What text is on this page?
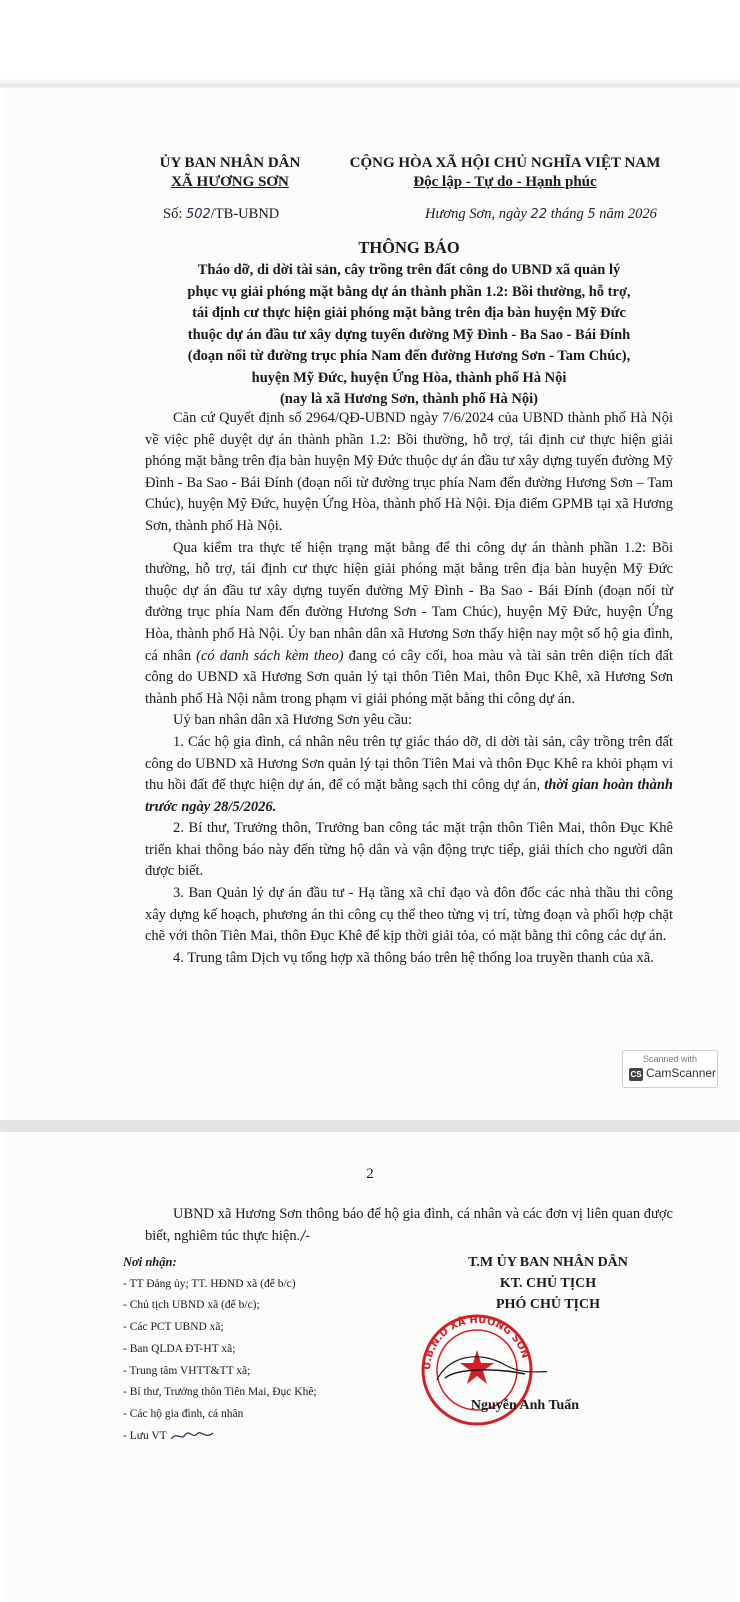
ỦY BAN NHÂN DÂN
XÃ HƯƠNG SƠN
CỘNG HÒA XÃ HỘI CHỦ NGHĨA VIỆT NAM
Độc lập - Tự do - Hạnh phúc
Số: 502/TB-UBND	Hương Sơn, ngày 22 tháng 5 năm 2026
THÔNG BÁO
Tháo dỡ, di dời tài sản, cây trồng trên đất công do UBND xã quản lý
phục vụ giải phóng mặt bằng dự án thành phần 1.2: Bồi thường, hỗ trợ,
tái định cư thực hiện giải phóng mặt bằng trên địa bàn huyện Mỹ Đức
thuộc dự án đầu tư xây dựng tuyến đường Mỹ Đình - Ba Sao - Bái Đính
(đoạn nối từ đường trục phía Nam đến đường Hương Sơn - Tam Chúc),
huyện Mỹ Đức, huyện Ứng Hòa, thành phố Hà Nội
(nay là xã Hương Sơn, thành phố Hà Nội)

Căn cứ Quyết định số 2964/QĐ-UBND ngày 7/6/2024 của UBND thành phố Hà Nội về việc phê duyệt dự án thành phần 1.2: Bồi thường, hỗ trợ, tái định cư thực hiện giải phóng mặt bằng trên địa bàn huyện Mỹ Đức thuộc dự án đầu tư xây dựng tuyến đường Mỹ Đình - Ba Sao - Bái Đính (đoạn nối từ đường trục phía Nam đến đường Hương Sơn – Tam Chúc), huyện Mỹ Đức, huyện Ứng Hòa, thành phố Hà Nội. Địa điểm GPMB tại xã Hương Sơn, thành phố Hà Nội.

Qua kiểm tra thực tế hiện trạng mặt bằng để thi công dự án thành phần 1.2: Bồi thường, hỗ trợ, tái định cư thực hiện giải phóng mặt bằng trên địa bàn huyện Mỹ Đức thuộc dự án đầu tư xây dựng tuyến đường Mỹ Đình - Ba Sao - Bái Đính (đoạn nối từ đường trục phía Nam đến đường Hương Sơn - Tam Chúc), huyện Mỹ Đức, huyện Ứng Hòa, thành phố Hà Nội. Ủy ban nhân dân xã Hương Sơn thấy hiện nay một số hộ gia đình, cá nhân (có danh sách kèm theo) đang có cây cối, hoa màu và tài sản trên diện tích đất công do UBND xã Hương Sơn quản lý tại thôn Tiên Mai, thôn Đục Khê, xã Hương Sơn thành phố Hà Nội nằm trong phạm vi giải phóng mặt bằng thi công dự án.

Uỷ ban nhân dân xã Hương Sơn yêu cầu:

1. Các hộ gia đình, cá nhân nêu trên tự giác tháo dỡ, di dời tài sản, cây trồng trên đất công do UBND xã Hương Sơn quản lý tại thôn Tiên Mai và thôn Đục Khê ra khỏi phạm vi thu hồi đất để thực hiện dự án, để có mặt bằng sạch thi công dự án, thời gian hoàn thành trước ngày 28/5/2026.

2. Bí thư, Trưởng thôn, Trưởng ban công tác mặt trận thôn Tiên Mai, thôn Đục Khê triển khai thông báo này đến từng hộ dân và vận động trực tiếp, giải thích cho người dân được biết.

3. Ban Quản lý dự án đầu tư - Hạ tầng xã chỉ đạo và đôn đốc các nhà thầu thi công xây dựng kế hoạch, phương án thi công cụ thể theo từng vị trí, từng đoạn và phối hợp chặt chẽ với thôn Tiên Mai, thôn Đục Khê để kịp thời giải tỏa, có mặt bằng thi công các dự án.

4. Trung tâm Dịch vụ tổng hợp xã thông báo trên hệ thống loa truyền thanh của xã.

Scanned with
CS CamScanner
2

UBND xã Hương Sơn thông báo để hộ gia đình, cá nhân và các đơn vị liên quan được biết, nghiêm túc thực hiện./-

Nơi nhận:
- TT Đảng ủy; TT. HĐND xã (để b/c)
- Chủ tịch UBND xã (để b/c);
- Các PCT UBND xã;
- Ban QLDA ĐT-HT xã;
- Trung tâm VHTT&TT xã;
- Bí thư, Trưởng thôn Tiên Mai, Đục Khê;
- Các hộ gia đình, cá nhân
- Lưu VT
T.M ỦY BAN NHÂN DÂN
KT. CHỦ TỊCH
PHÓ CHỦ TỊCH
U.B.N.D XÃ HƯƠNG SƠN
Nguyễn Anh Tuấn
